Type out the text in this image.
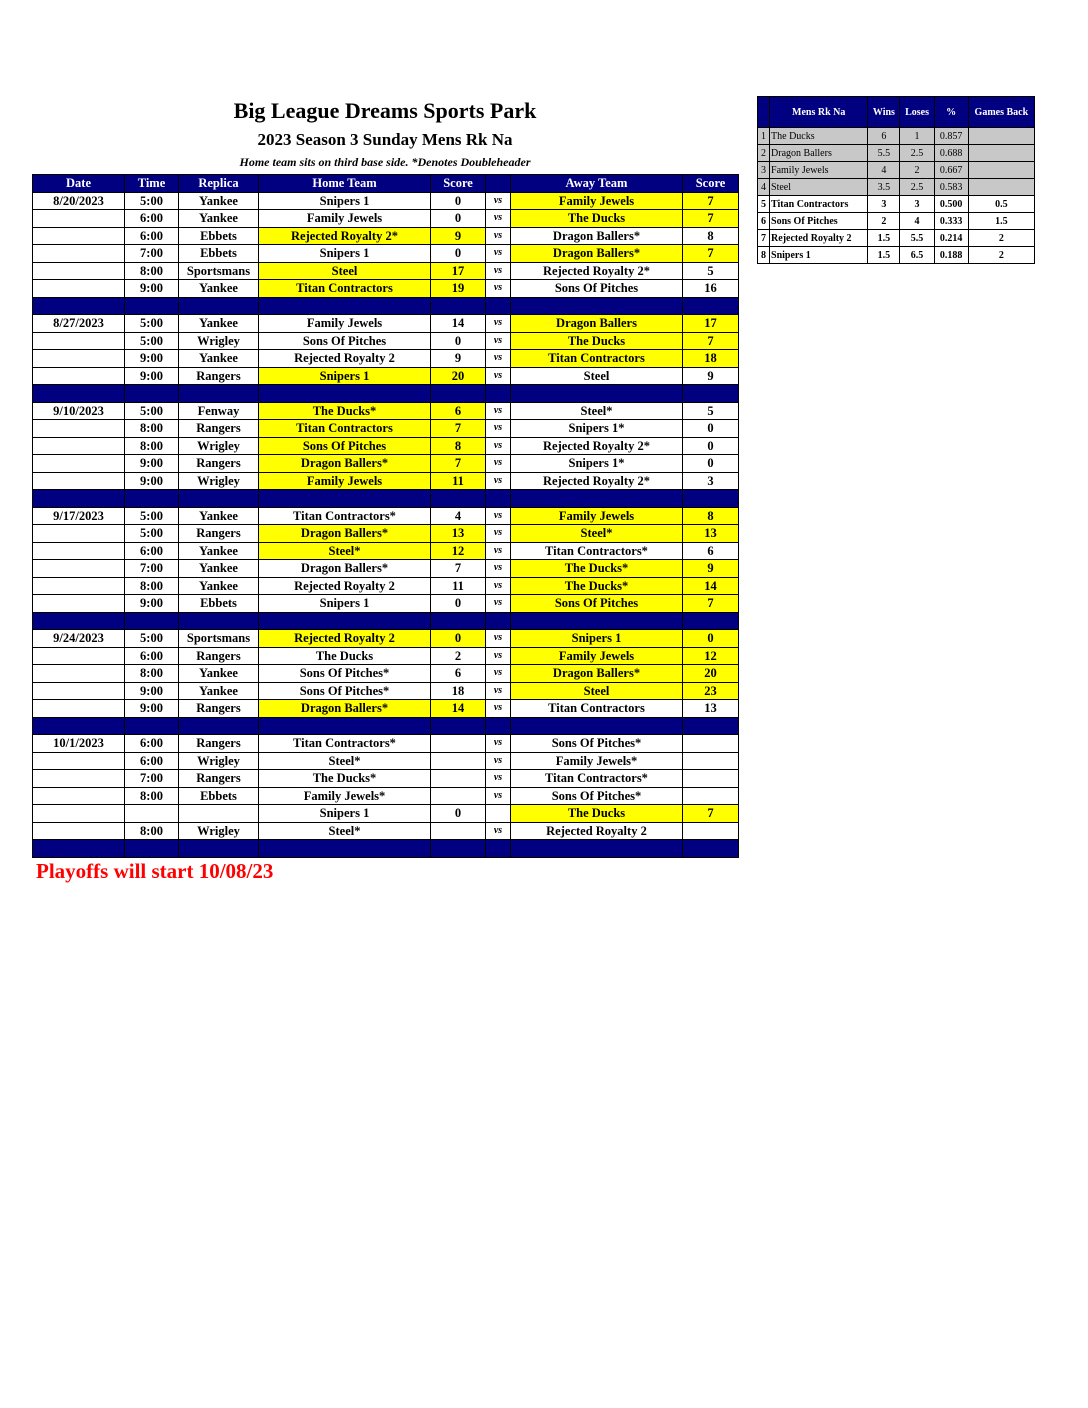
Big League Dreams Sports Park
2023 Season 3 Sunday Mens Rk Na
Home team sits on third base side. *Denotes Doubleheader
Date	Time	Replica	Home Team	Score		Away Team	Score
8/20/2023	5:00	Yankee	Snipers 1	0	vs	Family Jewels	7
	6:00	Yankee	Family Jewels	0	vs	The Ducks	7
	6:00	Ebbets	Rejected Royalty 2*	9	vs	Dragon Ballers*	8
	7:00	Ebbets	Snipers 1	0	vs	Dragon Ballers*	7
	8:00	Sportsmans	Steel	17	vs	Rejected Royalty 2*	5
	9:00	Yankee	Titan Contractors	19	vs	Sons Of Pitches	16

8/27/2023	5:00	Yankee	Family Jewels	14	vs	Dragon Ballers	17
	5:00	Wrigley	Sons Of Pitches	0	vs	The Ducks	7
	9:00	Yankee	Rejected Royalty 2	9	vs	Titan Contractors	18
	9:00	Rangers	Snipers 1	20	vs	Steel	9

9/10/2023	5:00	Fenway	The Ducks*	6	vs	Steel*	5
	8:00	Rangers	Titan Contractors	7	vs	Snipers 1*	0
	8:00	Wrigley	Sons Of Pitches	8	vs	Rejected Royalty 2*	0
	9:00	Rangers	Dragon Ballers*	7	vs	Snipers 1*	0
	9:00	Wrigley	Family Jewels	11	vs	Rejected Royalty 2*	3

9/17/2023	5:00	Yankee	Titan Contractors*	4	vs	Family Jewels	8
	5:00	Rangers	Dragon Ballers*	13	vs	Steel*	13
	6:00	Yankee	Steel*	12	vs	Titan Contractors*	6
	7:00	Yankee	Dragon Ballers*	7	vs	The Ducks*	9
	8:00	Yankee	Rejected Royalty 2	11	vs	The Ducks*	14
	9:00	Ebbets	Snipers 1	0	vs	Sons Of Pitches	7

9/24/2023	5:00	Sportsmans	Rejected Royalty 2	0	vs	Snipers 1	0
	6:00	Rangers	The Ducks	2	vs	Family Jewels	12
	8:00	Yankee	Sons Of Pitches*	6	vs	Dragon Ballers*	20
	9:00	Yankee	Sons Of Pitches*	18	vs	Steel	23
	9:00	Rangers	Dragon Ballers*	14	vs	Titan Contractors	13

10/1/2023	6:00	Rangers	Titan Contractors*		vs	Sons Of Pitches*	
	6:00	Wrigley	Steel*		vs	Family Jewels*	
	7:00	Rangers	The Ducks*		vs	Titan Contractors*	
	8:00	Ebbets	Family Jewels*		vs	Sons Of Pitches*	
			Snipers 1	0		The Ducks	7
	8:00	Wrigley	Steel*		vs	Rejected Royalty 2	

	Mens Rk Na	Wins	Loses	%	Games Back
1	The Ducks	6	1	0.857	
2	Dragon Ballers	5.5	2.5	0.688	
3	Family Jewels	4	2	0.667	
4	Steel	3.5	2.5	0.583	
5	Titan Contractors	3	3	0.500	0.5
6	Sons Of Pitches	2	4	0.333	1.5
7	Rejected Royalty 2	1.5	5.5	0.214	2
8	Snipers 1	1.5	6.5	0.188	2
Playoffs will start 10/08/23
